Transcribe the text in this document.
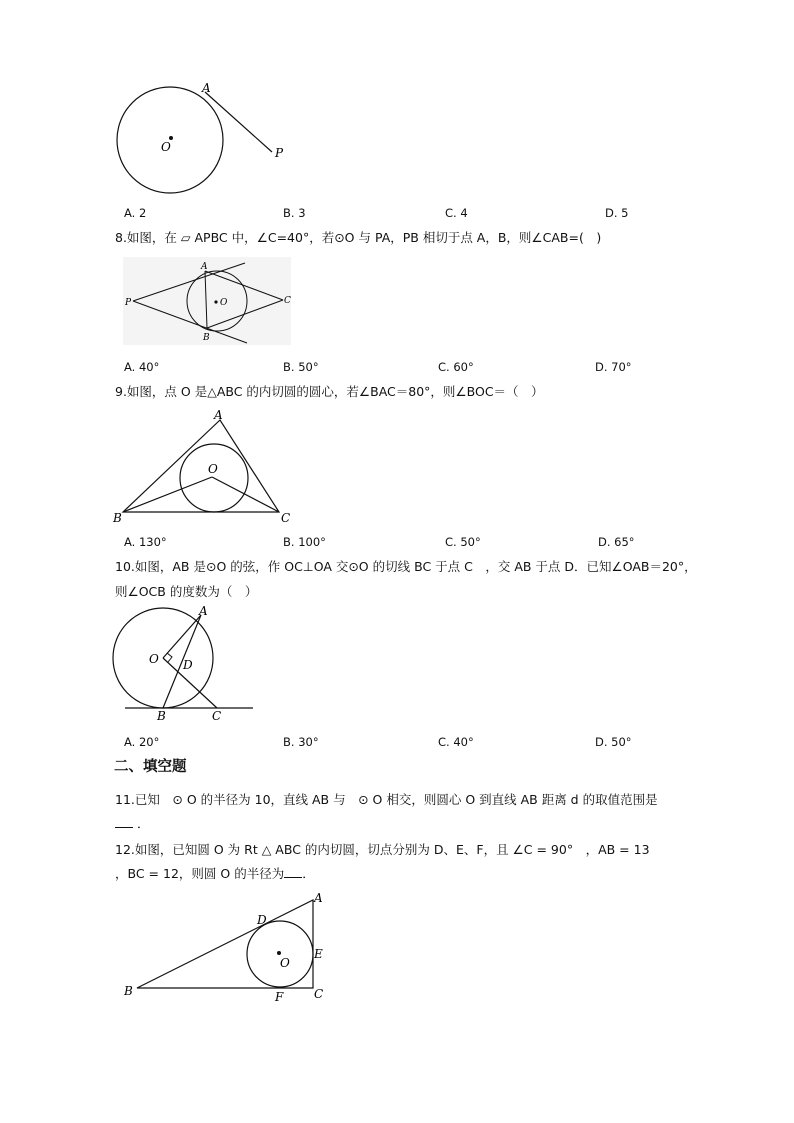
A
O	P
A. 2	B. 3	C. 4	D. 5
8.如图，在 ▱ APBC 中，∠C=40°，若⊙O 与 PA，PB 相切于点 A，B，则∠CAB=(　)
A
P	O	C
B
A. 40°	B. 50°	C. 60°	D. 70°
9.如图，点 O 是△ABC 的内切圆的圆心，若∠BAC＝80°，则∠BOC＝（　）
A
O
B	C
A. 130°	B. 100°	C. 50°	D. 65°
10.如图，AB 是⊙O 的弦，作 OC⊥OA 交⊙O 的切线 BC 于点 C　，交 AB 于点 D．已知∠OAB＝20°，
则∠OCB 的度数为（　）
A
O D
B	C
A. 20°	B. 30°	C. 40°	D. 50°
二、填空题
11.已知　⊙ O 的半径为 10，直线 AB 与　⊙ O 相交，则圆心 O 到直线 AB 距离 d 的取值范围是
．
12.如图，已知圆 O 为 Rt △ ABC 的内切圆，切点分别为 D、E、F，且 ∠C = 90°　，AB = 13
，BC = 12，则圆 O 的半径为 ．
A
D
O
E
B	F	C
